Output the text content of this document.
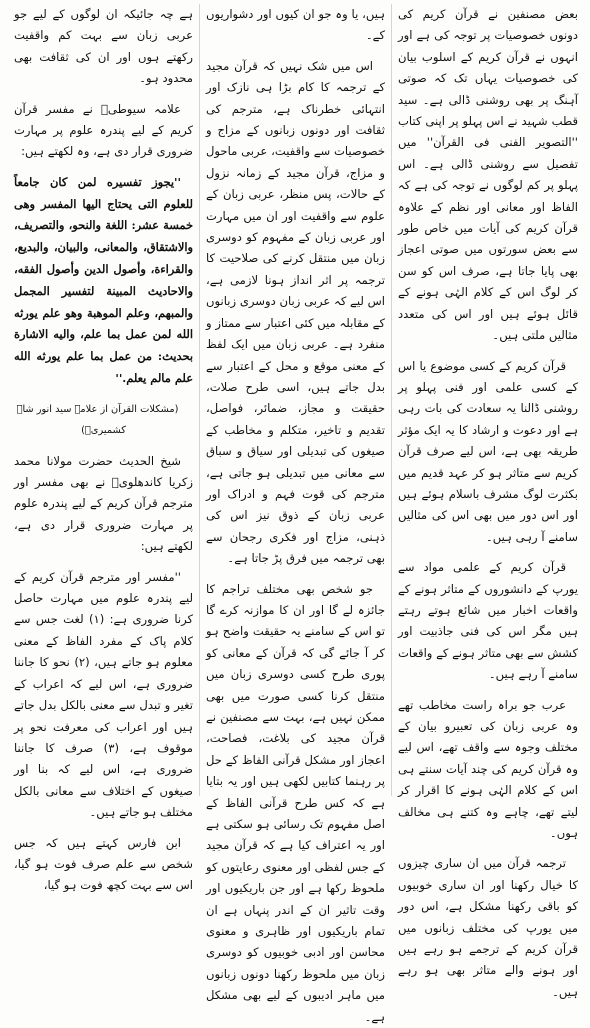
بعض مصنفین نے قرآن کریم کی دونوں خصوصیات پر توجہ کی ہے اور انہوں نے قرآن کریم کے اسلوب بیان کی خصوصیات یہاں تک کہ صوتی آہنگ پر بھی روشنی ڈالی ہے۔ سید قطب شہید نے اس پہلو پر اپنی کتاب ''التصویر الفنی فی القرآن'' میں تفصیل سے روشنی ڈالی ہے۔ اس پہلو پر کم لوگوں نے توجہ کی ہے کہ الفاظ اور معانی اور نظم کے علاوہ قرآن کریم کی آیات میں خاص طور سے بعض سورتوں میں صوتی اعجاز بھی پایا جاتا ہے، صرف اس کو سن کر لوگ اس کے کلام الہٰی ہونے کے قائل ہوئے ہیں اور اس کی متعدد مثالیں ملتی ہیں۔

قرآن کریم کے کسی موضوع یا اس کے کسی علمی اور فنی پہلو پر روشنی ڈالنا یہ سعادت کی بات رہی ہے اور دعوت و ارشاد کا یہ ایک مؤثر طریقہ بھی ہے، اس لیے صرف قرآن کریم سے متاثر ہو کر عہد قدیم میں بکثرت لوگ مشرف باسلام ہوئے ہیں اور اس دور میں بھی اس کی مثالیں سامنے آ رہی ہیں۔

قرآن کریم کے علمی مواد سے یورپ کے دانشوروں کے متاثر ہونے کے واقعات اخبار میں شائع ہوتے رہتے ہیں مگر اس کی فنی جاذبیت اور کشش سے بھی متاثر ہونے کے واقعات سامنے آ رہے ہیں۔

عرب جو براہ راست مخاطب تھے وہ عربی زبان کی تعبیرو بیان کے مختلف وجوہ سے واقف تھے، اس لیے وہ قرآن کریم کی چند آیات سنتے ہی اس کے کلام الہٰی ہونے کا اقرار کر لیتے تھے، چاہے وہ کتنے ہی مخالف ہوں۔

ترجمہ قرآن میں ان ساری چیزوں کا خیال رکھنا اور ان ساری خوبیوں کو باقی رکھنا مشکل ہے، اس دور میں یورپ کی مختلف زبانوں میں قرآن کریم کے ترجمے ہو رہے ہیں اور ہونے والے متاثر بھی ہو رہے ہیں۔

ہیں، یا وہ جو ان کیوں اور دشواریوں کے۔

اس میں شک نہیں کہ قرآن مجید کے ترجمہ کا کام بڑا ہی نازک اور انتہائی خطرناک ہے، مترجم کی ثقافت اور دونوں زبانوں کے مزاج و خصوصیات سے واقفیت، عربی ماحول و مزاج، قرآن مجید کے زمانہ نزول کے حالات، پس منظر، عربی زبان کے علوم سے واقفیت اور ان میں مہارت اور عربی زبان کے مفہوم کو دوسری زبان میں منتقل کرنے کی صلاحیت کا ترجمہ پر اثر انداز ہونا لازمی ہے، اس لیے کہ عربی زبان دوسری زبانوں کے مقابلہ میں کئی اعتبار سے ممتاز و منفرد ہے۔ عربی زبان میں ایک لفظ کے معنی موقع و محل کے اعتبار سے بدل جاتے ہیں، اسی طرح صلات، حقیقت و مجاز، ضمائر، فواصل، تقدیم و تاخیر، متکلم و مخاطب کے صیغوں کی تبدیلی اور سیاق و سباق سے معانی میں تبدیلی ہو جاتی ہے، مترجم کی قوت فہم و ادراک اور عربی زبان کے ذوق نیز اس کی ذہنی، مزاج اور فکری رجحان سے بھی ترجمہ میں فرق پڑ جاتا ہے۔

جو شخص بھی مختلف تراجم کا جائزہ لے گا اور ان کا موازنہ کرے گا تو اس کے سامنے یہ حقیقت واضح ہو کر آ جائے گی کہ قرآن کے معانی کو پوری طرح کسی دوسری زبان میں منتقل کرنا کسی صورت میں بھی ممکن نہیں ہے، بہت سے مصنفین نے قرآن مجید کی بلاغت، فصاحت، اعجاز اور مشکل قرآنی الفاظ کے حل پر رہنما کتابیں لکھی ہیں اور یہ بتایا ہے کہ کس طرح قرآنی الفاظ کے اصل مفہوم تک رسائی ہو سکتی ہے اور یہ اعتراف کیا ہے کہ قرآن مجید کے جس لفظی اور معنوی رعایتوں کو ملحوظ رکھا ہے اور جن باریکیوں اور وقت تاثیر ان کے اندر پنہاں ہے ان تمام باریکیوں اور ظاہری و معنوی محاسن اور ادبی خوبیوں کو دوسری زبان میں ملحوظ رکھنا دونوں زبانوں میں ماہر ادیبوں کے لیے بھی مشکل ہے۔

ہے چہ جائیکہ ان لوگوں کے لیے جو عربی زبان سے بہت کم واقفیت رکھتے ہوں اور ان کی ثقافت بھی محدود ہو۔

علامہ سیوطیؒ نے مفسر قرآن کریم کے لیے پندرہ علوم پر مہارت ضروری قرار دی ہے، وہ لکھتے ہیں:

''یجوز تفسیره لمن کان جامعاً للعلوم التی یحتاج الیها المفسر وهی خمسة عشر: اللغة والنحو، والتصریف، والاشتقاق، والمعانی، والبیان، والبدیع، والقراءة، وأصول الدین وأصول الفقه، والاحادیث المبینة لتفسیر المجمل والمبهم، وعلم الموهبة وهو علم یورثه الله لمن عمل بما علم، والیه الاشارة بحدیث: من عمل بما علم یورثه الله علم مالم یعلم.''

(مشکلات القرآن از علامہ سید انور شاہ کشمیریؒ)

شیخ الحدیث حضرت مولانا محمد زکریا کاندھلویؒ نے بھی مفسر اور مترجم قرآن کریم کے لیے پندرہ علوم پر مہارت ضروری قرار دی ہے، لکھتے ہیں:

''مفسر اور مترجم قرآن کریم کے لیے پندرہ علوم میں مہارت حاصل کرنا ضروری ہے: (۱) لغت جس سے کلام پاک کے مفرد الفاظ کے معنی معلوم ہو جاتے ہیں، (۲) نحو کا جاننا ضروری ہے، اس لیے کہ اعراب کے تغیر و تبدل سے معنی بالکل بدل جاتے ہیں اور اعراب کی معرفت نحو پر موقوف ہے، (۳) صرف کا جاننا ضروری ہے، اس لیے کہ بنا اور صیغوں کے اختلاف سے معانی بالکل مختلف ہو جاتے ہیں۔

ابن فارس کہتے ہیں کہ جس شخص سے علم صرف فوت ہو گیا، اس سے بہت کچھ فوت ہو گیا،
